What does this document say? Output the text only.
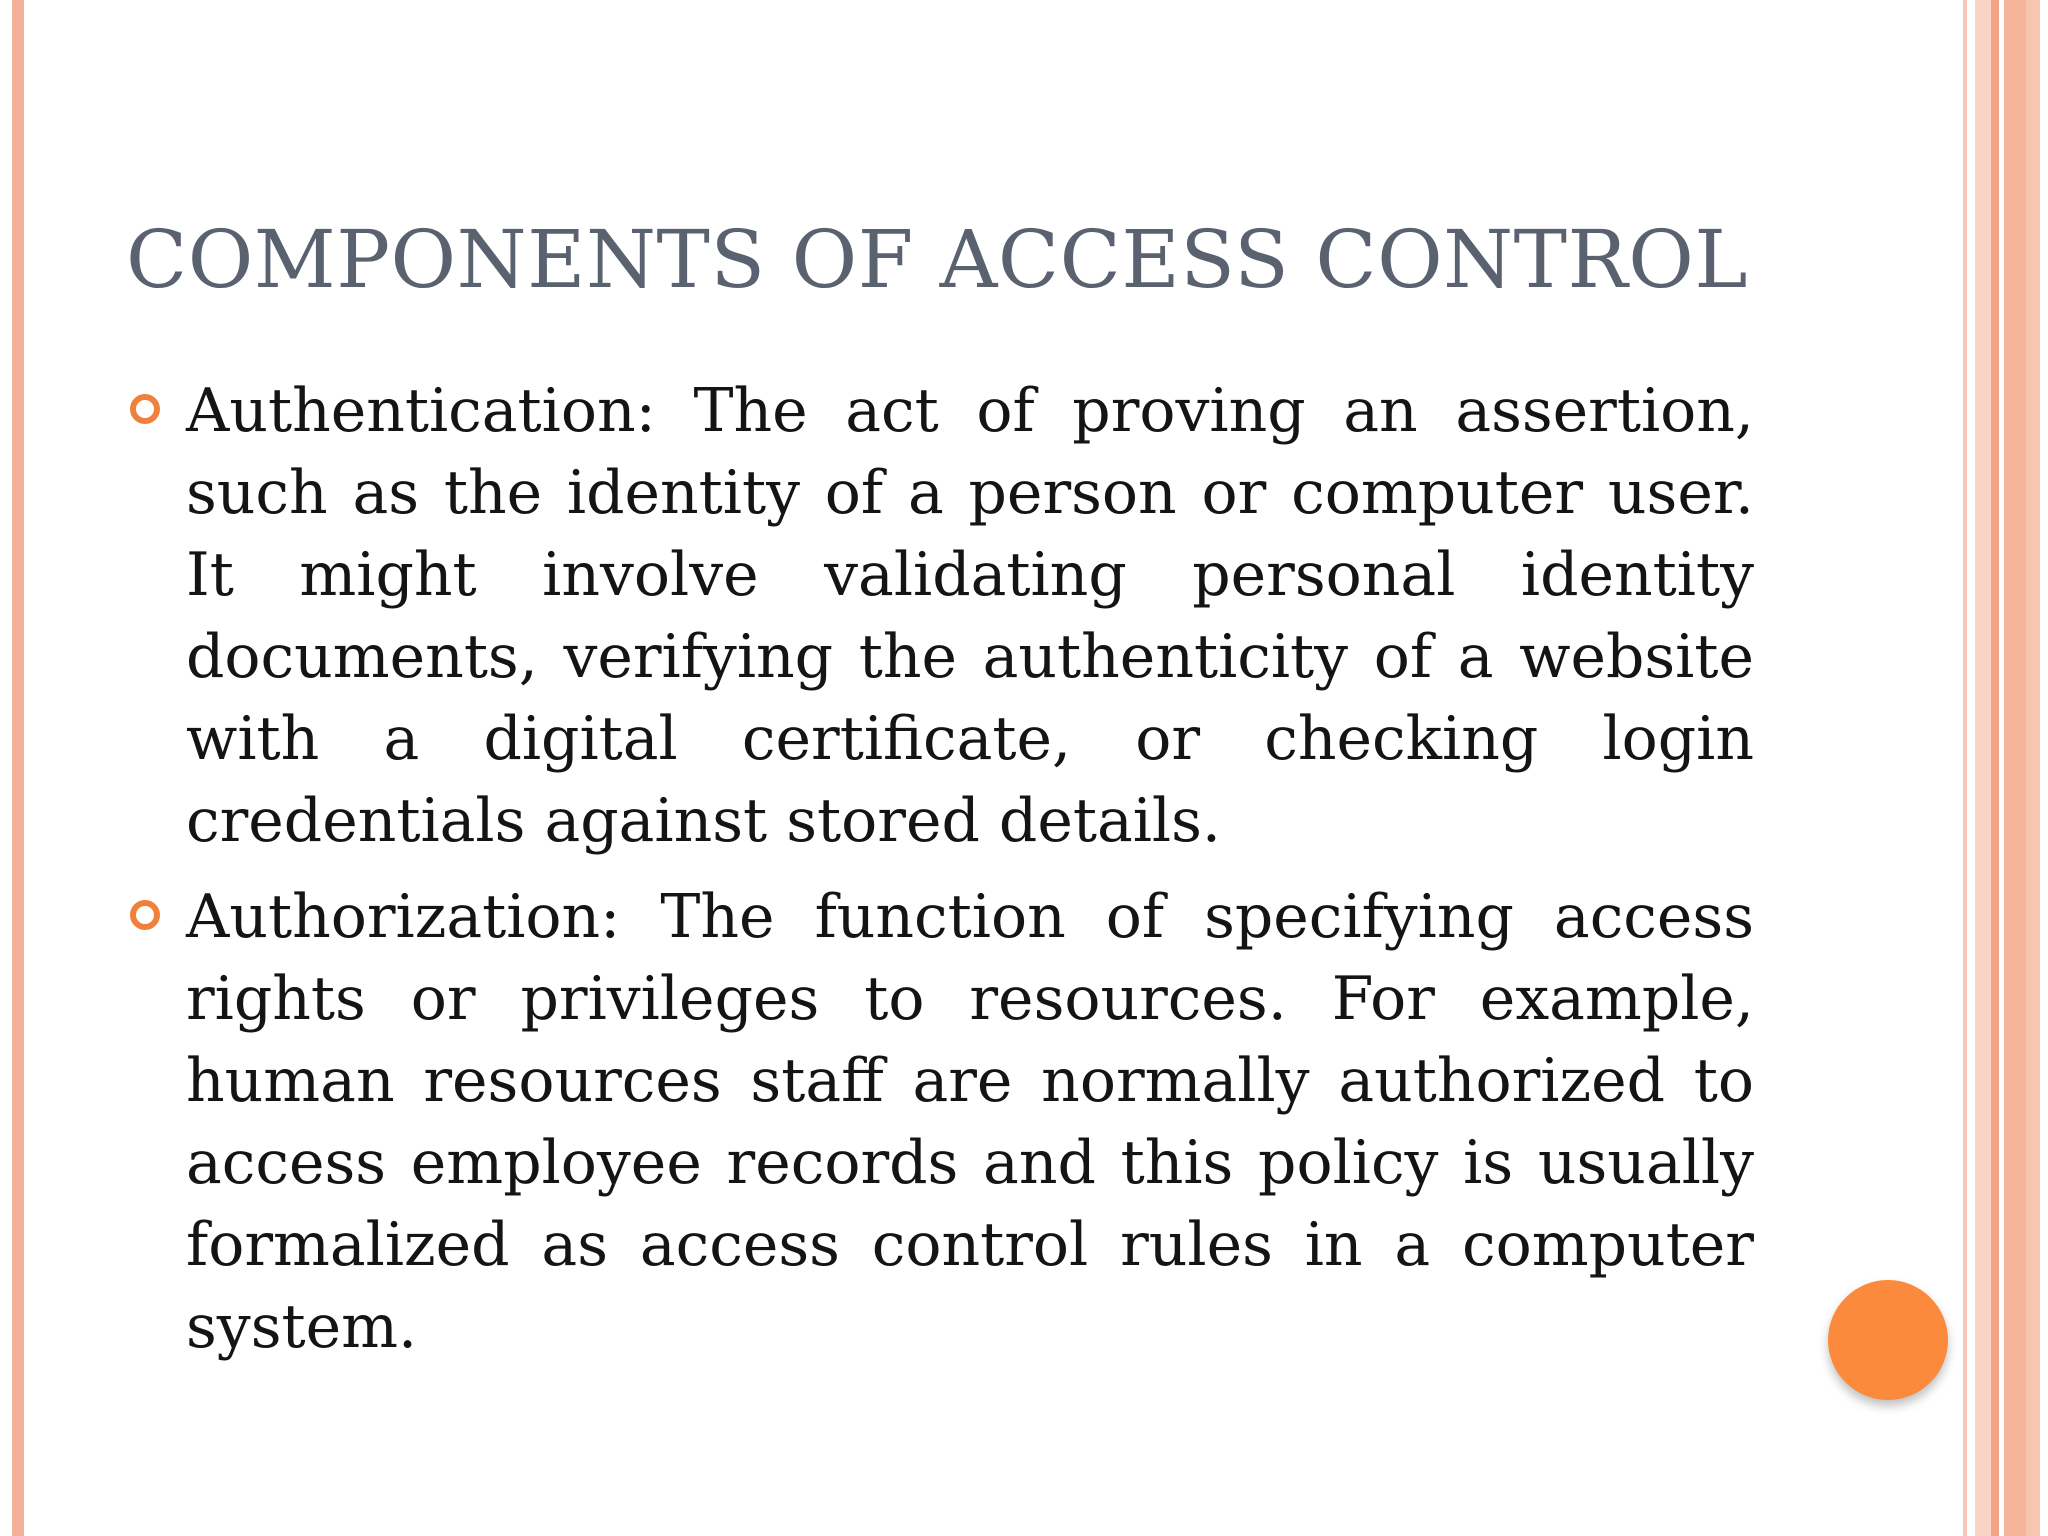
COMPONENTS OF ACCESS CONTROL
Authentication: The act of proving an assertion, such as the identity of a person or computer user. It might involve validating personal identity documents, verifying the authenticity of a website with a digital certificate, or checking login credentials against stored details.
Authorization: The function of specifying access rights or privileges to resources. For example, human resources staff are normally authorized to access employee records and this policy is usually formalized as access control rules in a computer system.
